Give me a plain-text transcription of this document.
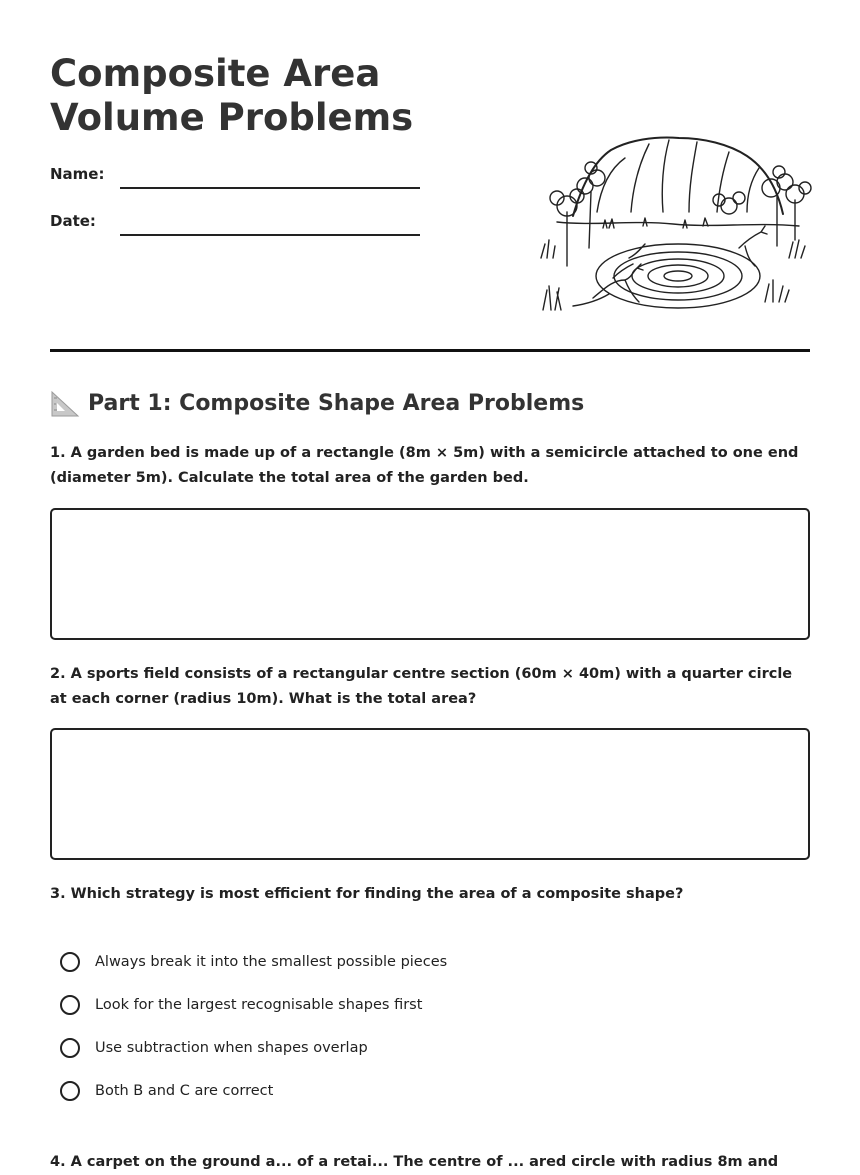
Composite Area Volume Problems
Name:
Date:
Part 1: Composite Shape Area Problems

1. A garden bed is made up of a rectangle (8m × 5m) with a semicircle attached to one end (diameter 5m). Calculate the total area of the garden bed.

2. A sports field consists of a rectangular centre section (60m × 40m) with a quarter circle at each corner (radius 10m). What is the total area?

3. Which strategy is most efficient for finding the area of a composite shape?

Always break it into the smallest possible pieces
Look for the largest recognisable shapes first
Use subtraction when shapes overlap
Both B and C are correct

4. A carpet on the ground a... of a retai... The centre of ... ared circle with radius 8m and
